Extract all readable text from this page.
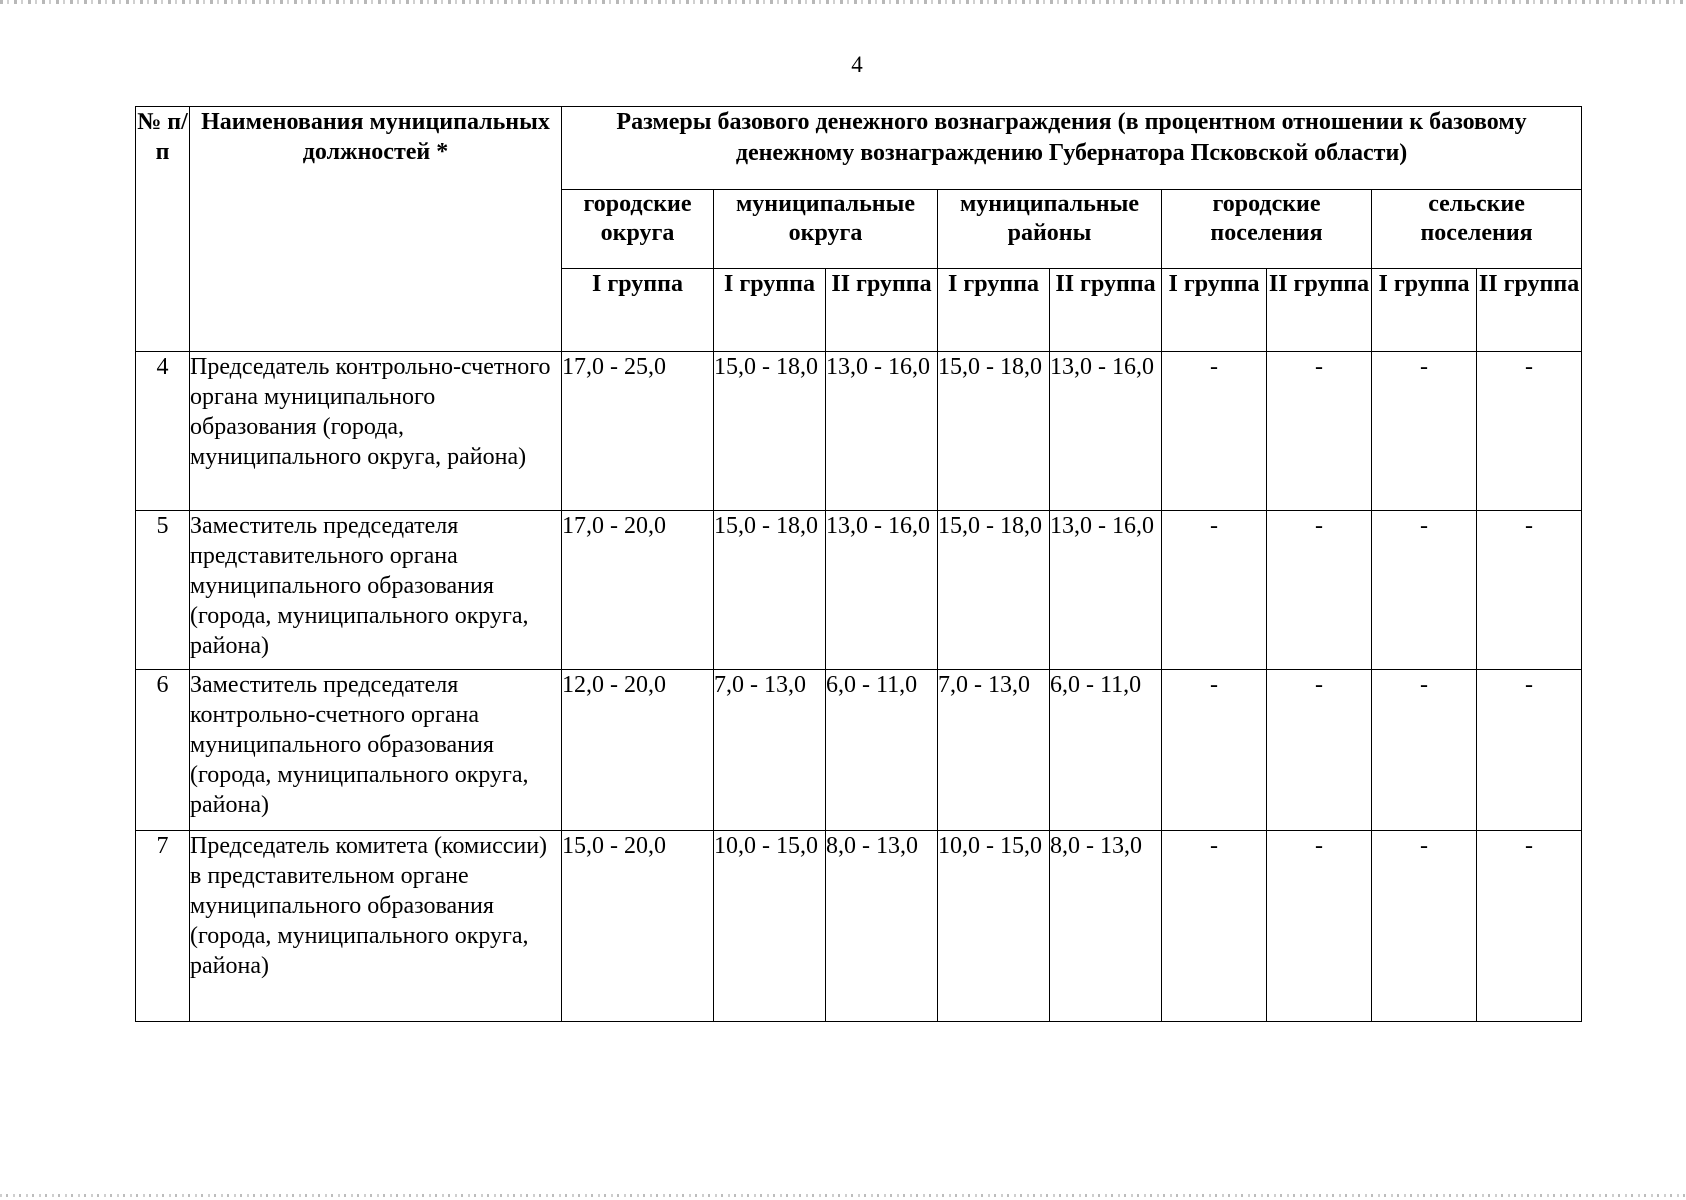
4
№ п/п	Наименования муниципальных должностей *	Размеры базового денежного вознаграждения (в процентном отношении к базовому денежному вознаграждению Губернатора Псковской области)								
		городские округа	муниципальные округа		муниципальные районы		городские поселения		сельские поселения	
		I группа	I группа	II группа	I группа	II группа	I группа	II группа	I группа	II группа
4	Председатель контрольно-счетного органа муниципального образования (города, муниципального округа, района)	17,0 - 25,0	15,0 - 18,0	13,0 - 16,0	15,0 - 18,0	13,0 - 16,0	-	-	-	-
5	Заместитель председателя представительного органа муниципального образования (города, муниципального округа, района)	17,0 - 20,0	15,0 - 18,0	13,0 - 16,0	15,0 - 18,0	13,0 - 16,0	-	-	-	-
6	Заместитель председателя контрольно-счетного органа муниципального образования (города, муниципального округа, района)	12,0 - 20,0	7,0 - 13,0	6,0 - 11,0	7,0 - 13,0	6,0 - 11,0	-	-	-	-
7	Председатель комитета (комиссии) в представительном органе муниципального образования (города, муниципального округа, района)	15,0 - 20,0	10,0 - 15,0	8,0 - 13,0	10,0 - 15,0	8,0 - 13,0	-	-	-	-
